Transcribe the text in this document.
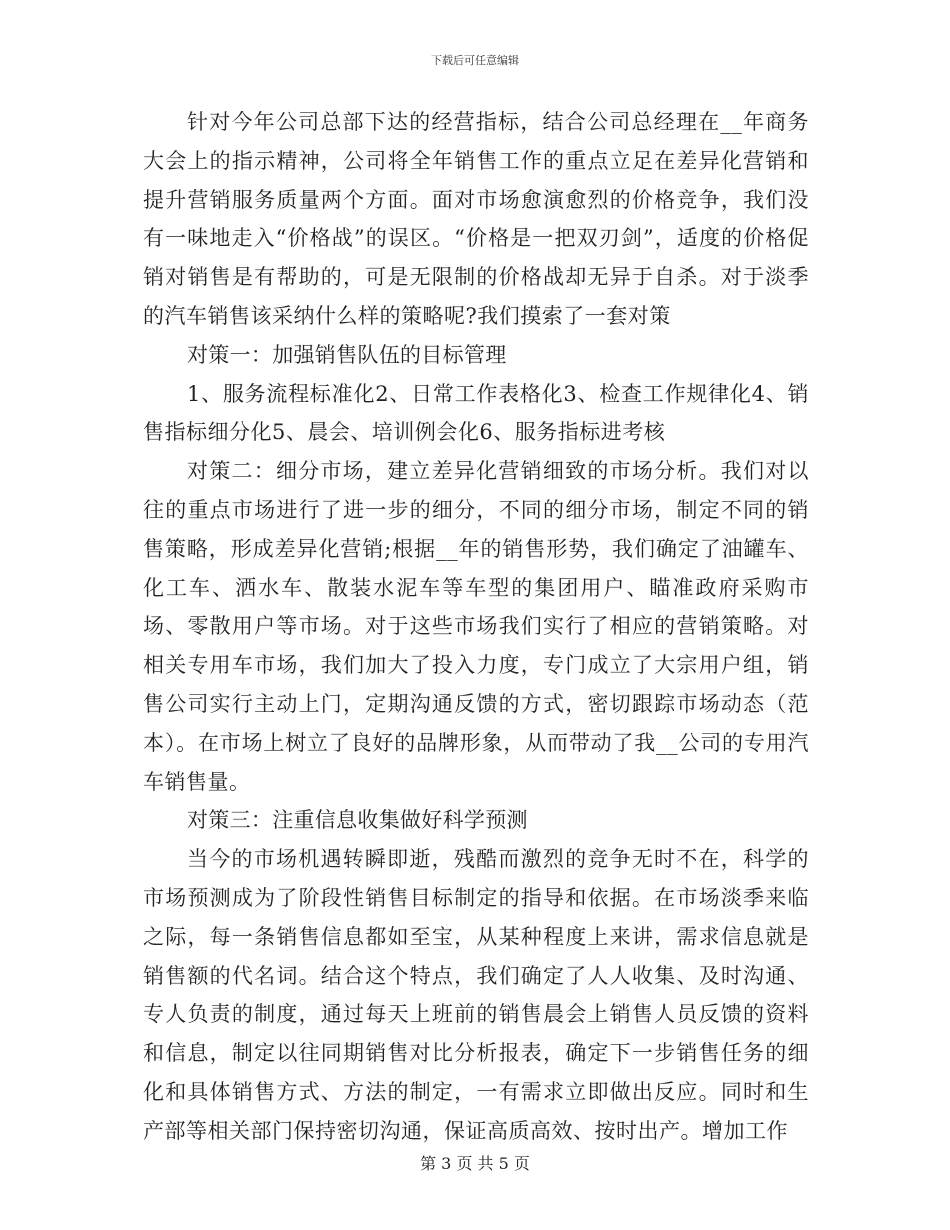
下载后可任意编辑

针对今年公司总部下达的经营指标，结合公司总经理在__年商务大会上的指示精神，公司将全年销售工作的重点立足在差异化营销和提升营销服务质量两个方面。面对市场愈演愈烈的价格竞争，我们没有一味地走入“价格战”的误区。“价格是一把双刃剑”，适度的价格促销对销售是有帮助的，可是无限制的价格战却无异于自杀。对于淡季的汽车销售该采纳什么样的策略呢?我们摸索了一套对策

对策一：加强销售队伍的目标管理

1、服务流程标准化2、日常工作表格化3、检查工作规律化4、销售指标细分化5、晨会、培训例会化6、服务指标进考核

对策二：细分市场，建立差异化营销细致的市场分析。我们对以往的重点市场进行了进一步的细分，不同的细分市场，制定不同的销售策略，形成差异化营销;根据__年的销售形势，我们确定了油罐车、化工车、洒水车、散装水泥车等车型的集团用户、瞄准政府采购市场、零散用户等市场。对于这些市场我们实行了相应的营销策略。对相关专用车市场，我们加大了投入力度，专门成立了大宗用户组，销售公司实行主动上门，定期沟通反馈的方式，密切跟踪市场动态（范本）。在市场上树立了良好的品牌形象，从而带动了我__公司的专用汽车销售量。

对策三：注重信息收集做好科学预测

当今的市场机遇转瞬即逝，残酷而激烈的竞争无时不在，科学的市场预测成为了阶段性销售目标制定的指导和依据。在市场淡季来临之际，每一条销售信息都如至宝，从某种程度上来讲，需求信息就是销售额的代名词。结合这个特点，我们确定了人人收集、及时沟通、专人负责的制度，通过每天上班前的销售晨会上销售人员反馈的资料和信息，制定以往同期销售对比分析报表，确定下一步销售任务的细化和具体销售方式、方法的制定，一有需求立即做出反应。同时和生产部等相关部门保持密切沟通，保证高质高效、按时出产。增加工作

第 3 页 共 5 页
